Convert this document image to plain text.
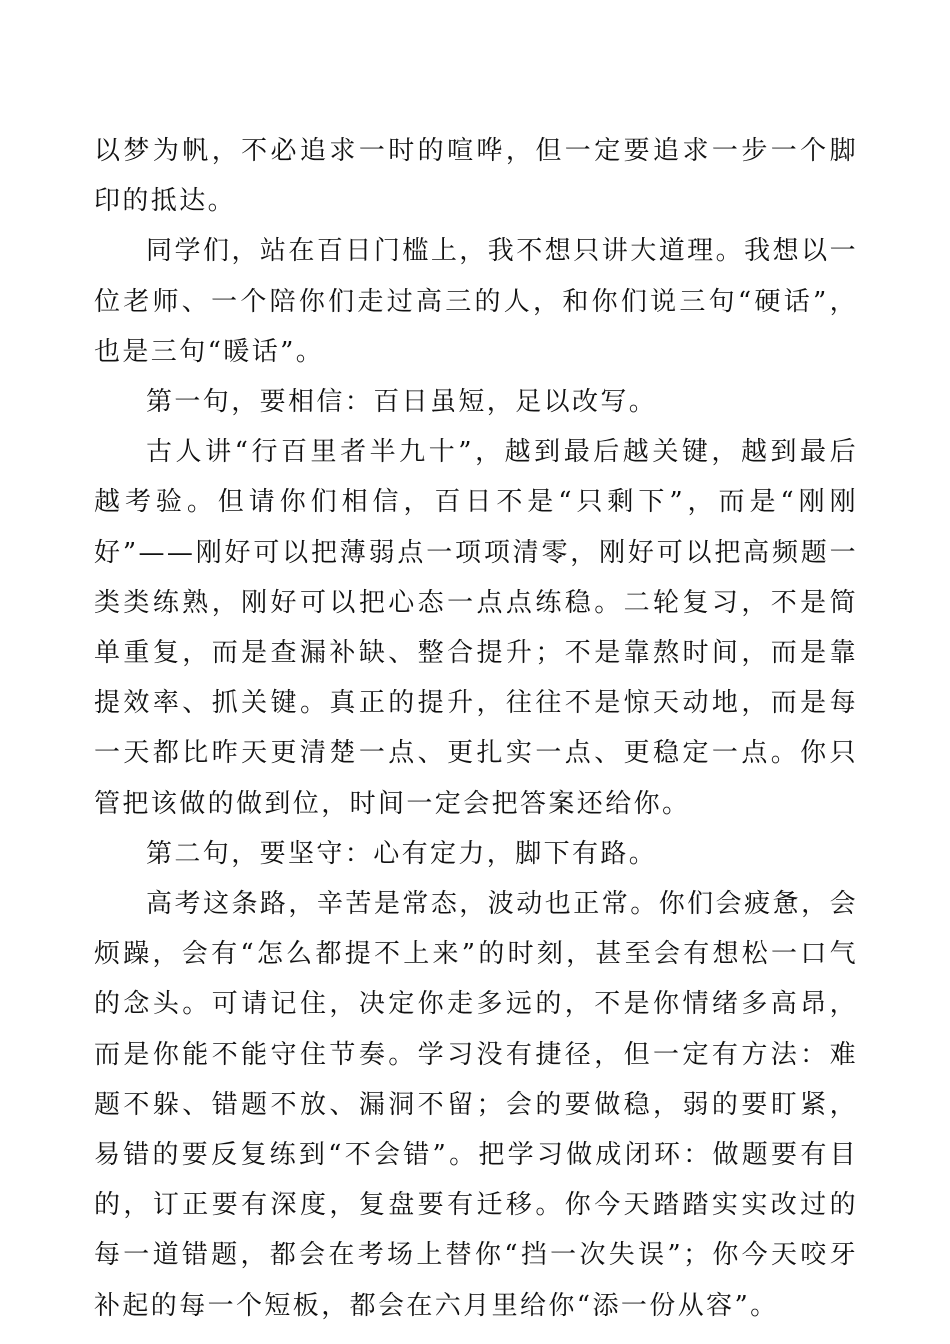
以梦为帆，不必追求一时的喧哗，但一定要追求一步一个脚印的抵达。

同学们，站在百日门槛上，我不想只讲大道理。我想以一位老师、一个陪你们走过高三的人，和你们说三句“硬话”，也是三句“暖话”。

第一句，要相信：百日虽短，足以改写。

古人讲“行百里者半九十”，越到最后越关键，越到最后越考验。但请你们相信，百日不是“只剩下”，而是“刚刚好”——刚好可以把薄弱点一项项清零，刚好可以把高频题一类类练熟，刚好可以把心态一点点练稳。二轮复习，不是简单重复，而是查漏补缺、整合提升；不是靠熬时间，而是靠提效率、抓关键。真正的提升，往往不是惊天动地，而是每一天都比昨天更清楚一点、更扎实一点、更稳定一点。你只管把该做的做到位，时间一定会把答案还给你。

第二句，要坚守：心有定力，脚下有路。

高考这条路，辛苦是常态，波动也正常。你们会疲惫，会烦躁，会有“怎么都提不上来”的时刻，甚至会有想松一口气的念头。可请记住，决定你走多远的，不是你情绪多高昂，而是你能不能守住节奏。学习没有捷径，但一定有方法：难题不躲、错题不放、漏洞不留；会的要做稳，弱的要盯紧，易错的要反复练到“不会错”。把学习做成闭环：做题要有目的，订正要有深度，复盘要有迁移。你今天踏踏实实改过的每一道错题，都会在考场上替你“挡一次失误”；你今天咬牙补起的每一个短板，都会在六月里给你“添一份从容”。
